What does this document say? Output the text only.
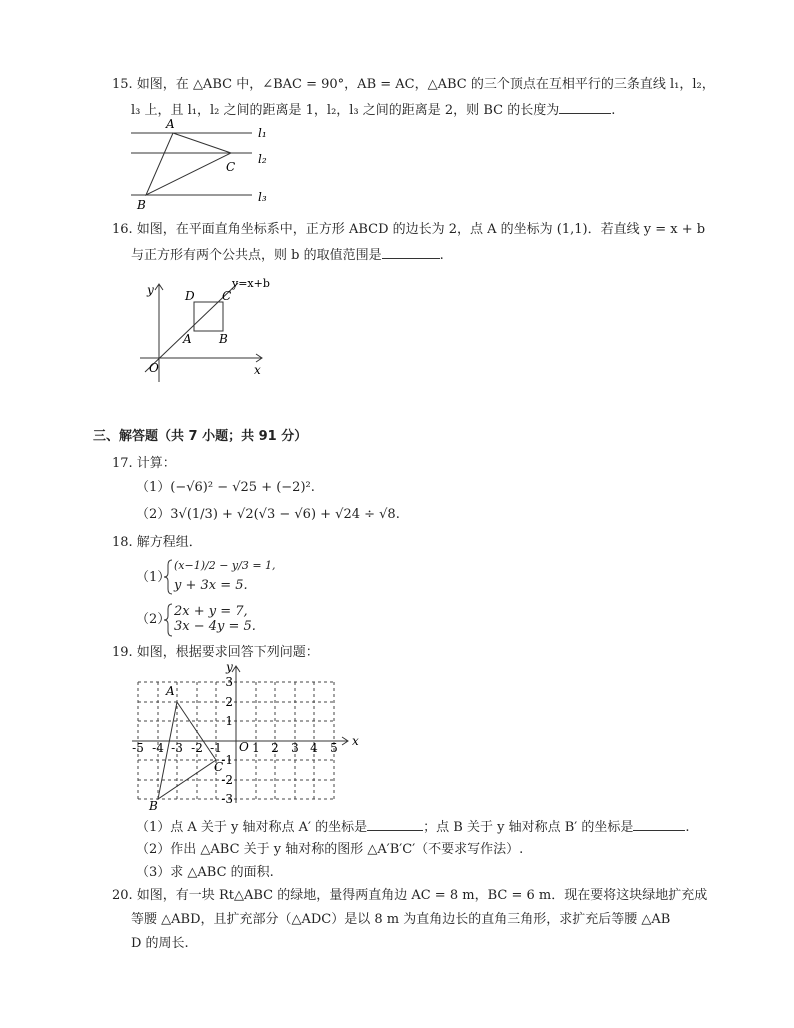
15. 如图，在 △ABC 中，∠BAC = 90°，AB = AC，△ABC 的三个顶点在互相平行的三条直线 l₁，l₂，
l₃ 上，且 l₁，l₂ 之间的距离是 1，l₂，l₃ 之间的距离是 2，则 BC 的长度为	.
A
C
B
l₁
l₂
l₃
16. 如图，在平面直角坐标系中，正方形 ABCD 的边长为 2，点 A 的坐标为 (1,1)．若直线 y = x + b
与正方形有两个公共点，则 b 的取值范围是	.
y=x+b
y
x
O
D C
A B
三、解答题（共 7 小题；共 91 分）
17. 计算：
（1）(−√6)² − √25 + (−2)².
（2）3√(1/3) + √2(√3 − √6) + √24 ÷ √8.
18. 解方程组．
（1）
(x−1)/2 − y/3 = 1,
y + 3x = 5.
（2）
2x + y = 7,
3x − 4y = 5.
19. 如图，根据要求回答下列问题：
x
y
O
A
B
C
-5 -4 -3 -2 -1	1 2 3 4 5
3
2
1
-1
-2
-3
（1）点 A 关于 y 轴对称点 A′ 的坐标是	；点 B 关于 y 轴对称点 B′ 的坐标是	.
（2）作出 △ABC 关于 y 轴对称的图形 △A′B′C′（不要求写作法）.
（3）求 △ABC 的面积.
20. 如图，有一块 Rt△ABC 的绿地，量得两直角边 AC = 8 m，BC = 6 m．现在要将这块绿地扩充成
等腰 △ABD，且扩充部分（△ADC）是以 8 m 为直角边长的直角三角形，求扩充后等腰 △AB
D 的周长.
